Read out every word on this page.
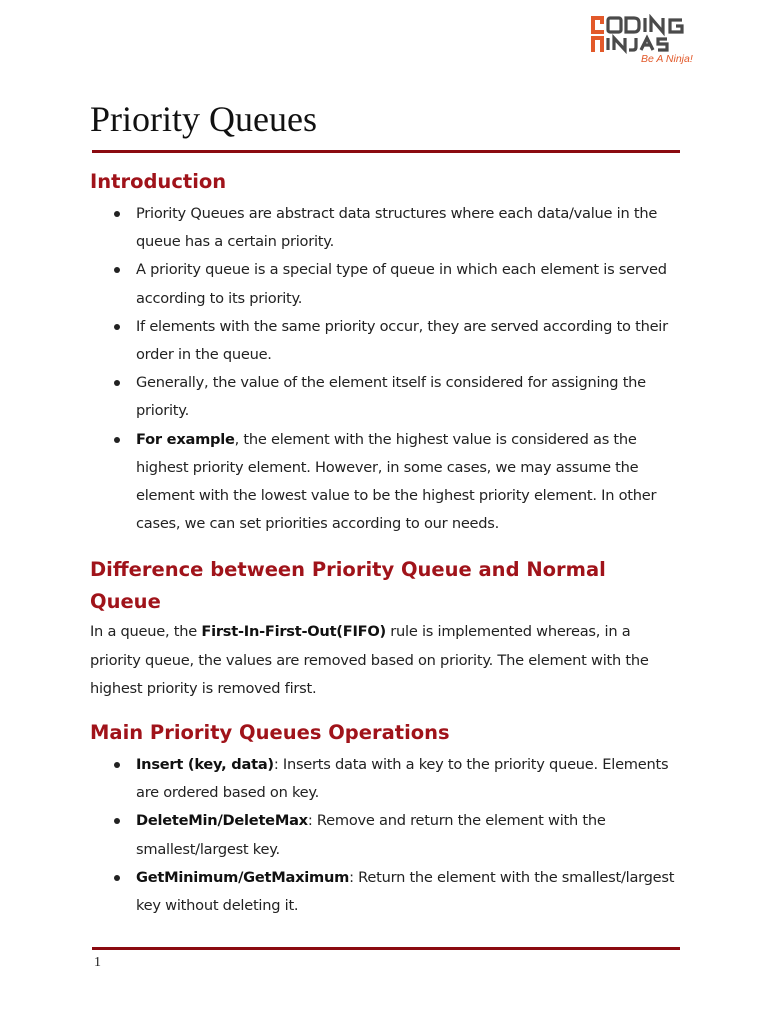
Be A Ninja!
Priority Queues
Introduction
Priority Queues are abstract data structures where each data/value in the queue has a certain priority.
A priority queue is a special type of queue in which each element is served according to its priority.
If elements with the same priority occur, they are served according to their order in the queue.
Generally, the value of the element itself is considered for assigning the priority.
For example, the element with the highest value is considered as the highest priority element. However, in some cases, we may assume the element with the lowest value to be the highest priority element. In other cases, we can set priorities according to our needs.
Difference between Priority Queue and Normal Queue

In a queue, the First-In-First-Out(FIFO) rule is implemented whereas, in a priority queue, the values are removed based on priority. The element with the highest priority is removed first.

Main Priority Queues Operations
Insert (key, data): Inserts data with a key to the priority queue. Elements are ordered based on key.
DeleteMin/DeleteMax: Remove and return the element with the smallest/largest key.
GetMinimum/GetMaximum: Return the element with the smallest/largest key without deleting it.
1
